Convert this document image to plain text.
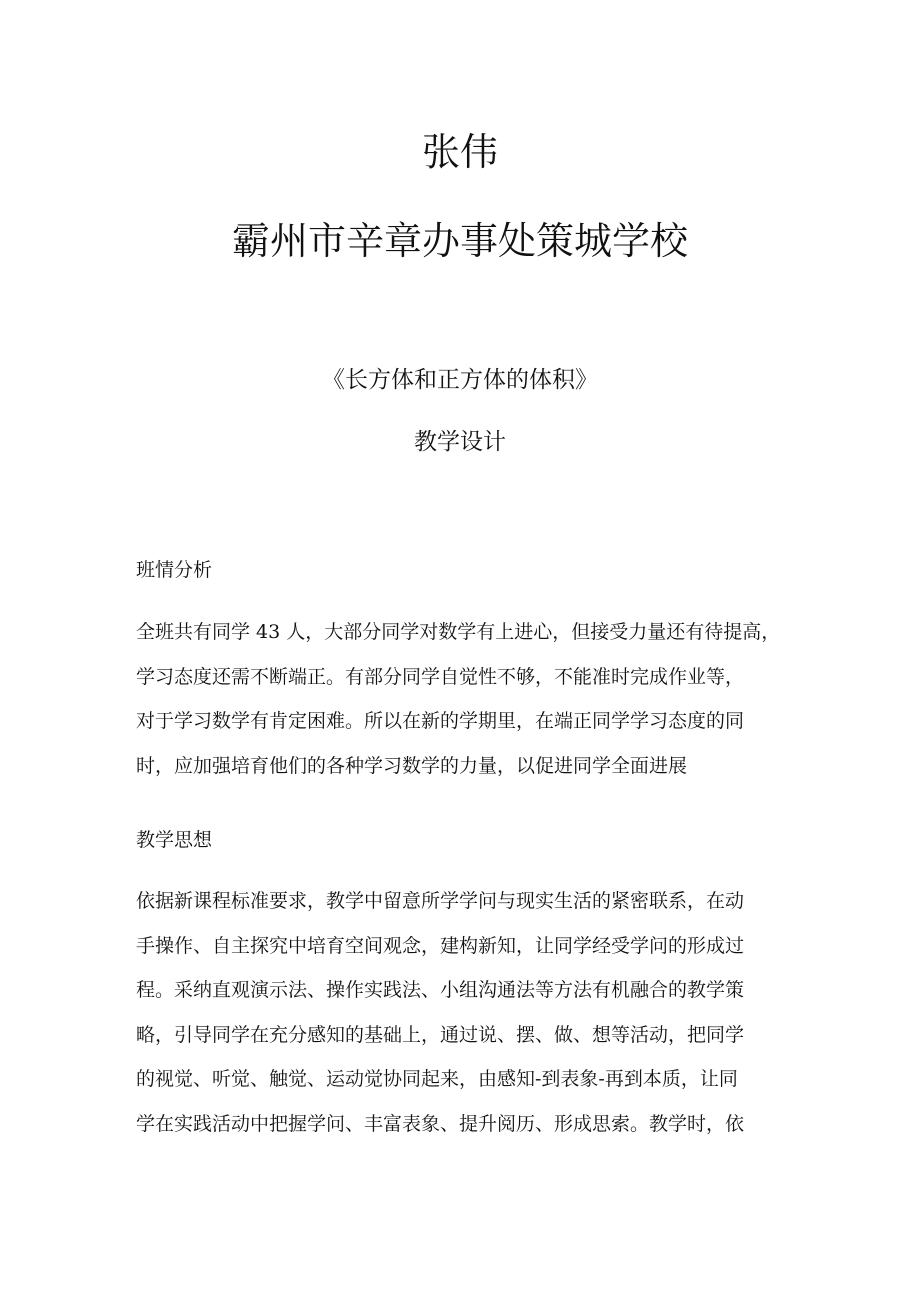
张伟
霸州市辛章办事处策城学校
《长方体和正方体的体积》
教学设计
班情分析
全班共有同学 43 人，大部分同学对数学有上进心，但接受力量还有待提高，
学习态度还需不断端正。有部分同学自觉性不够，不能准时完成作业等，
对于学习数学有肯定困难。所以在新的学期里，在端正同学学习态度的同
时，应加强培育他们的各种学习数学的力量，以促进同学全面进展
教学思想
依据新课程标准要求，教学中留意所学学问与现实生活的紧密联系，在动
手操作、自主探究中培育空间观念，建构新知，让同学经受学问的形成过
程。采纳直观演示法、操作实践法、小组沟通法等方法有机融合的教学策
略，引导同学在充分感知的基础上，通过说、摆、做、想等活动，把同学
的视觉、听觉、触觉、运动觉协同起来，由感知-到表象-再到本质，让同
学在实践活动中把握学问、丰富表象、提升阅历、形成思索。教学时，依
